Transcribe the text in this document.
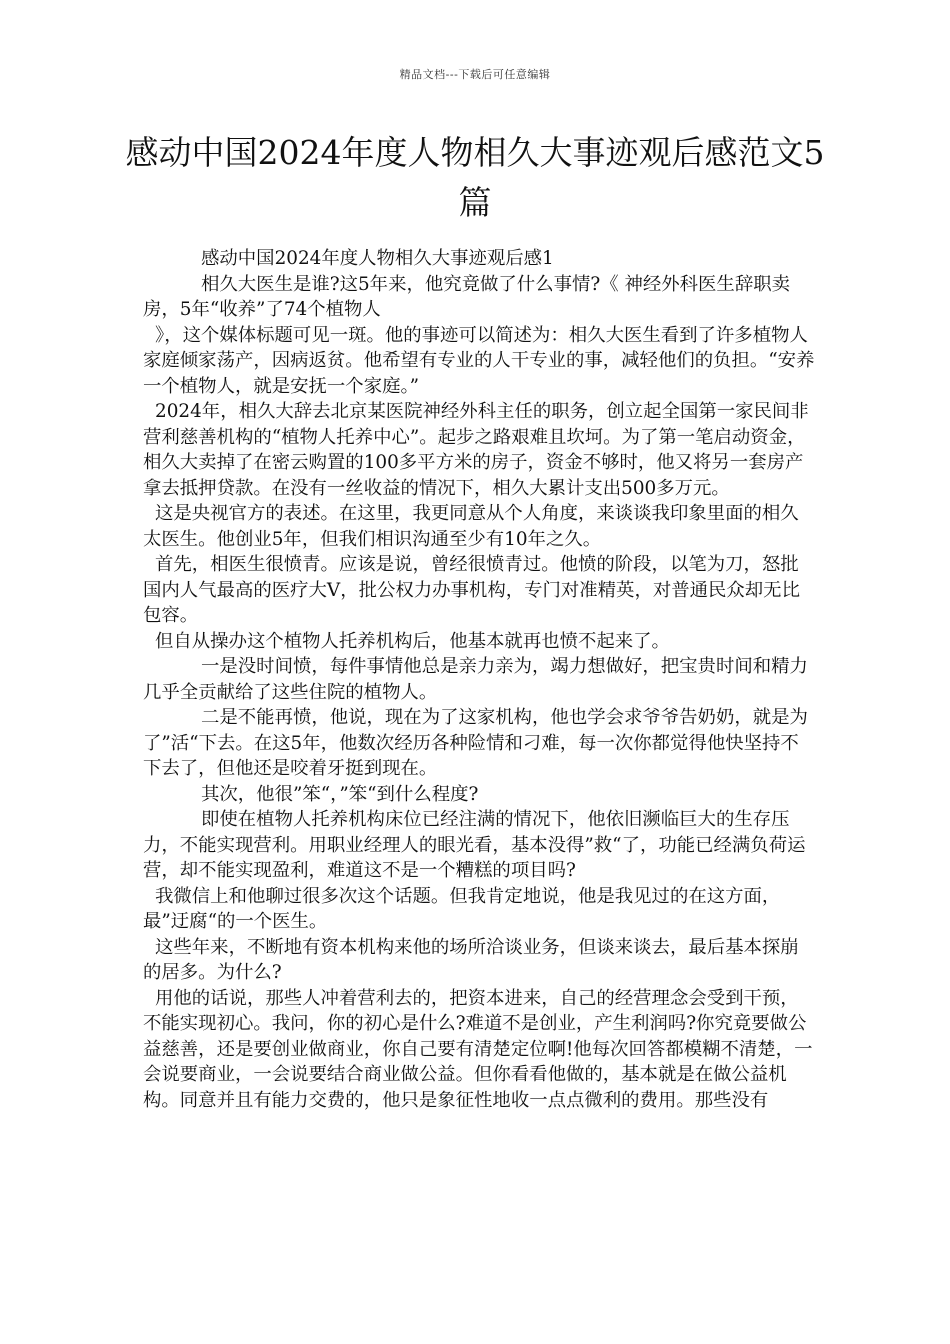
精品文档---下载后可任意编辑
感动中国2024年度人物相久大事迹观后感范文5篇

感动中国2024年度人物相久大事迹观后感1

相久大医生是谁?这5年来，他究竟做了什么事情?《 神经外科医生辞职卖房，5年“收养”了74个植物人

》，这个媒体标题可见一斑。他的事迹可以简述为：相久大医生看到了许多植物人家庭倾家荡产，因病返贫。他希望有专业的人干专业的事，减轻他们的负担。“安养一个植物人，就是安抚一个家庭。”

2024年，相久大辞去北京某医院神经外科主任的职务，创立起全国第一家民间非营利慈善机构的“植物人托养中心”。起步之路艰难且坎坷。为了第一笔启动资金，相久大卖掉了在密云购置的100多平方米的房子，资金不够时，他又将另一套房产拿去抵押贷款。在没有一丝收益的情况下，相久大累计支出500多万元。

这是央视官方的表述。在这里，我更同意从个人角度，来谈谈我印象里面的相久太医生。他创业5年，但我们相识沟通至少有10年之久。

首先，相医生很愤青。应该是说，曾经很愤青过。他愤的阶段，以笔为刀，怒批国内人气最高的医疗大V，批公权力办事机构，专门对准精英，对普通民众却无比包容。

但自从操办这个植物人托养机构后，他基本就再也愤不起来了。

一是没时间愤，每件事情他总是亲力亲为，竭力想做好，把宝贵时间和精力几乎全贡献给了这些住院的植物人。

二是不能再愤，他说，现在为了这家机构，他也学会求爷爷告奶奶，就是为了”活“下去。在这5年，他数次经历各种险情和刁难，每一次你都觉得他快坚持不下去了，但他还是咬着牙挺到现在。

其次，他很”笨“，”笨“到什么程度?

即使在植物人托养机构床位已经注满的情况下，他依旧濒临巨大的生存压力，不能实现营利。用职业经理人的眼光看，基本没得”救“了，功能已经满负荷运营，却不能实现盈利，难道这不是一个糟糕的项目吗?

我微信上和他聊过很多次这个话题。但我肯定地说，他是我见过的在这方面，最”迂腐“的一个医生。

这些年来，不断地有资本机构来他的场所洽谈业务，但谈来谈去，最后基本探崩的居多。为什么?

用他的话说，那些人冲着营利去的，把资本进来，自己的经营理念会受到干预，不能实现初心。我问，你的初心是什么?难道不是创业，产生利润吗?你究竟要做公益慈善，还是要创业做商业，你自己要有清楚定位啊!他每次回答都模糊不清楚，一会说要商业，一会说要结合商业做公益。但你看看他做的，基本就是在做公益机构。同意并且有能力交费的，他只是象征性地收一点点微利的费用。那些没有
